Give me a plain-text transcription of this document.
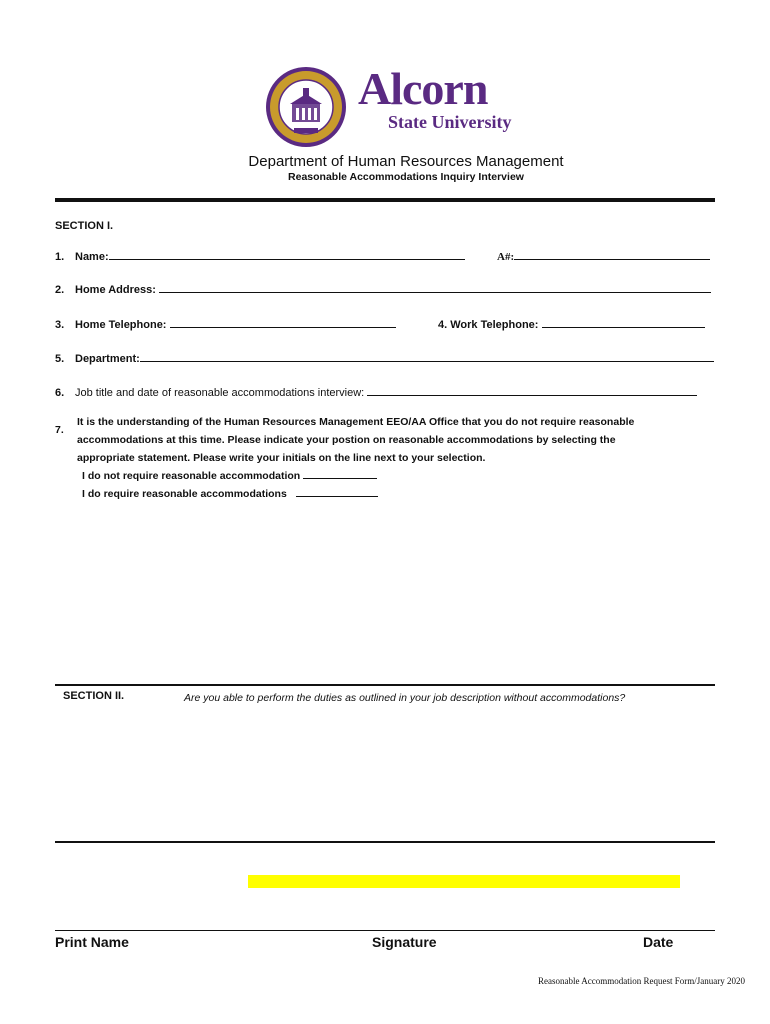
Alcorn
State University
Department of Human Resources Management
Reasonable Accommodations Inquiry Interview
SECTION I.
1. Name:	A#:
2. Home Address:
3. Home Telephone:	4. Work Telephone:
5. Department:
6. Job title and date of reasonable accommodations interview:
7.
It is the understanding of the Human Resources Management EEO/AA Office that you do not require reasonable
accommodations at this time. Please indicate your postion on reasonable accommodations by selecting the
appropriate statement. Please write your initials on the line next to your selection.
I do not require reasonable accommodation
I do require reasonable accommodations
SECTION II.	Are you able to perform the duties as outlined in your job description without accommodations?
Print Name	Signature	Date
Reasonable Accommodation Request Form/January 2020
